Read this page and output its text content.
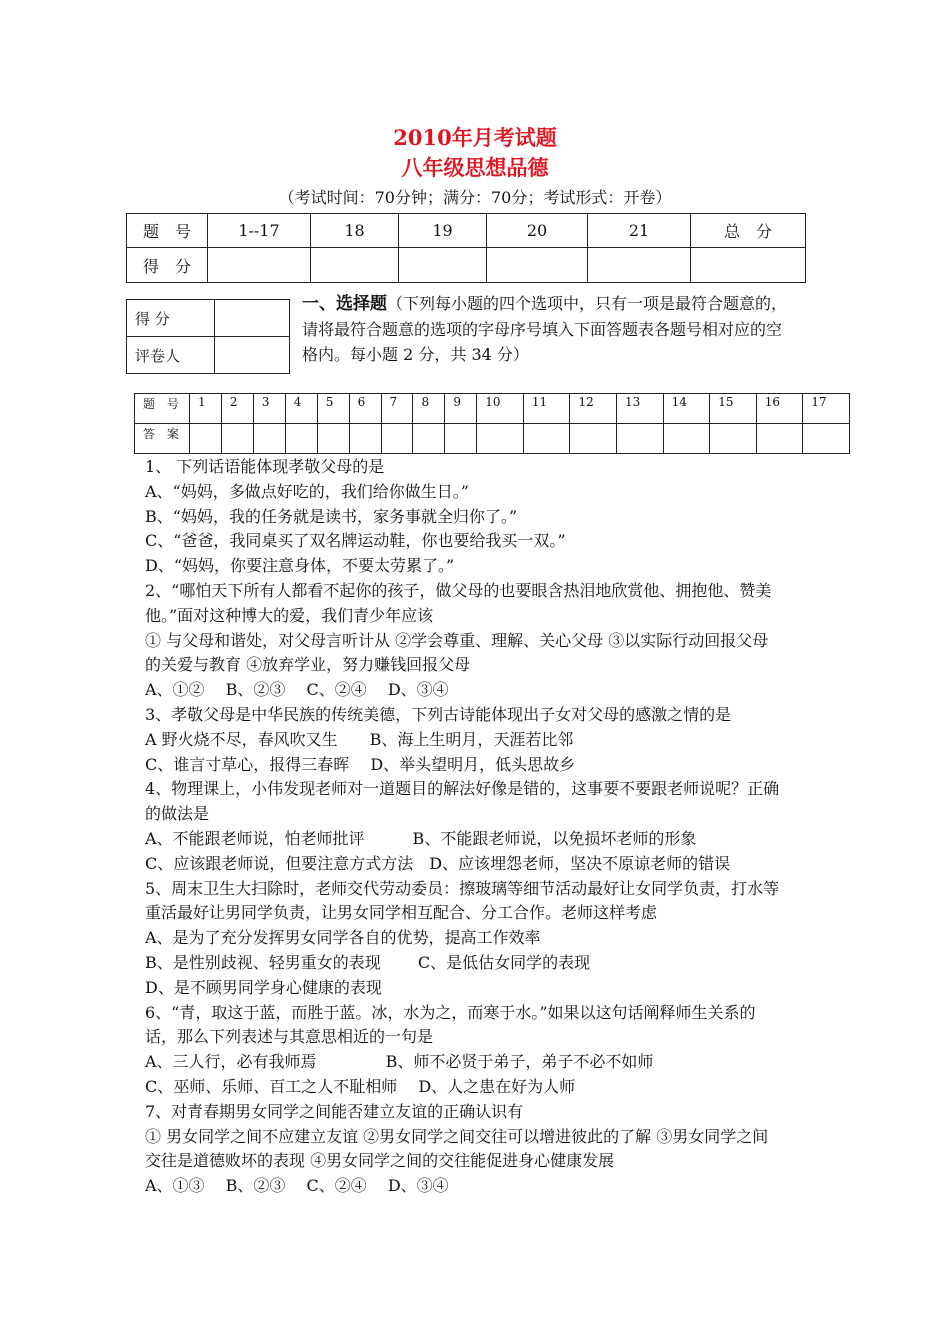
2010年月考试题
八年级思想品德
（考试时间：70分钟；满分：70分；考试形式：开卷）
题　号	1--17	18	19	20	21	总　分
得　分						
得 分	
评卷人	
一、选择题（下列每小题的四个选项中，只有一项是最符合题意的，
请将最符合题意的选项的字母序号填入下面答题表各题号相对应的空
格内。每小题 2 分，共 34 分）
题 号	1	2	3	4	5	6	7	8	9	10	11	12	13	14	15	16	17
答 案																	

1、 下列话语能体现孝敬父母的是

A、“妈妈，多做点好吃的，我们给你做生日。”

B、“妈妈，我的任务就是读书，家务事就全归你了。”

C、“爸爸，我同桌买了双名牌运动鞋，你也要给我买一双。”

D、“妈妈，你要注意身体，不要太劳累了。”

2、“哪怕天下所有人都看不起你的孩子，做父母的也要眼含热泪地欣赏他、拥抱他、赞美

他。”面对这种博大的爱，我们青少年应该

① 与父母和谐处，对父母言听计从 ②学会尊重、理解、关心父母 ③以实际行动回报父母

的关爱与教育 ④放弃学业，努力赚钱回报父母

A、①②　 B、②③　 C、②④　 D、③④

3、孝敬父母是中华民族的传统美德，下列古诗能体现出子女对父母的感激之情的是

A 野火烧不尽，春风吹又生　　B、海上生明月，天涯若比邻

C、谁言寸草心，报得三春晖　 D、举头望明月，低头思故乡

4、物理课上，小伟发现老师对一道题目的解法好像是错的，这事要不要跟老师说呢？正确

的做法是

A、不能跟老师说，怕老师批评　　　B、不能跟老师说，以免损坏老师的形象

C、应该跟老师说，但要注意方式方法　D、应该埋怨老师，坚决不原谅老师的错误

5、周末卫生大扫除时，老师交代劳动委员：擦玻璃等细节活动最好让女同学负责，打水等

重活最好让男同学负责，让男女同学相互配合、分工合作。老师这样考虑

A、是为了充分发挥男女同学各自的优势，提高工作效率

B、是性别歧视、轻男重女的表现　　 C、是低估女同学的表现

D、是不顾男同学身心健康的表现

6、“青，取这于蓝，而胜于蓝。冰，水为之，而寒于水。”如果以这句话阐释师生关系的

话，那么下列表述与其意思相近的一句是

A、三人行，必有我师焉　　　　 B、师不必贤于弟子，弟子不必不如师

C、巫师、乐师、百工之人不耻相师　 D、人之患在好为人师

7、对青春期男女同学之间能否建立友谊的正确认识有

① 男女同学之间不应建立友谊 ②男女同学之间交往可以增进彼此的了解 ③男女同学之间

交往是道德败坏的表现 ④男女同学之间的交往能促进身心健康发展

A、①③　 B、②③　 C、②④　 D、③④
